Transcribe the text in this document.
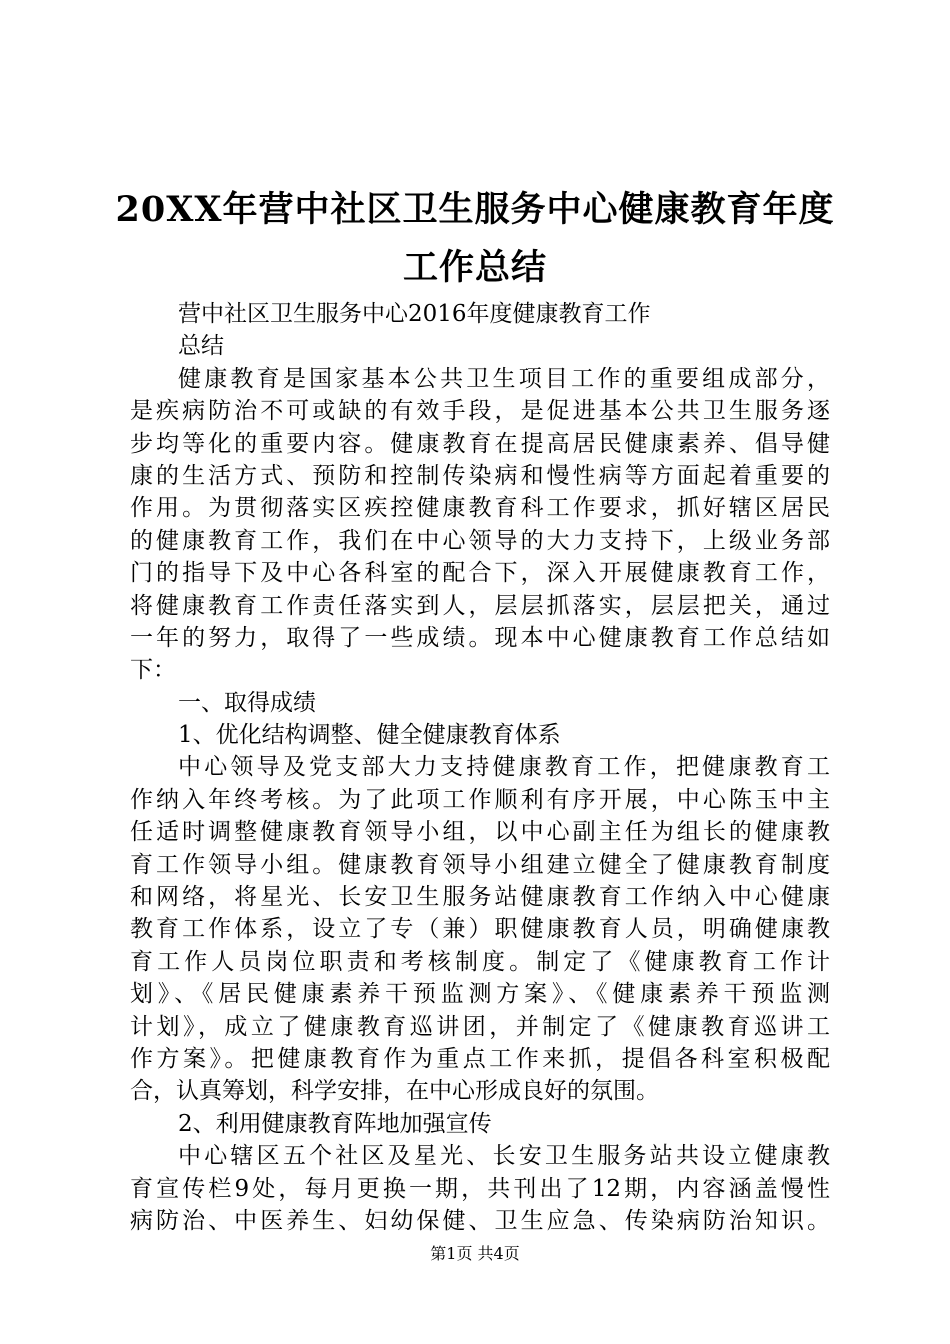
20XX年营中社区卫生服务中心健康教育年度
工作总结
营中社区卫生服务中心2016年度健康教育工作
总结
健康教育是国家基本公共卫生项目工作的重要组成部分，
是疾病防治不可或缺的有效手段，是促进基本公共卫生服务逐
步均等化的重要内容。健康教育在提高居民健康素养、倡导健
康的生活方式、预防和控制传染病和慢性病等方面起着重要的
作用。为贯彻落实区疾控健康教育科工作要求，抓好辖区居民
的健康教育工作，我们在中心领导的大力支持下，上级业务部
门的指导下及中心各科室的配合下，深入开展健康教育工作，
将健康教育工作责任落实到人，层层抓落实，层层把关，通过
一年的努力，取得了一些成绩。现本中心健康教育工作总结如
下：
一、取得成绩
1、优化结构调整、健全健康教育体系
中心领导及党支部大力支持健康教育工作，把健康教育工
作纳入年终考核。为了此项工作顺利有序开展，中心陈玉中主
任适时调整健康教育领导小组，以中心副主任为组长的健康教
育工作领导小组。健康教育领导小组建立健全了健康教育制度
和网络，将星光、长安卫生服务站健康教育工作纳入中心健康
教育工作体系，设立了专（兼）职健康教育人员，明确健康教
育工作人员岗位职责和考核制度。制定了《健康教育工作计
划》、《居民健康素养干预监测方案》、《健康素养干预监测
计划》，成立了健康教育巡讲团，并制定了《健康教育巡讲工
作方案》。把健康教育作为重点工作来抓，提倡各科室积极配
合，认真筹划，科学安排，在中心形成良好的氛围。
2、利用健康教育阵地加强宣传
中心辖区五个社区及星光、长安卫生服务站共设立健康教
育宣传栏9处，每月更换一期，共刊出了12期，内容涵盖慢性
病防治、中医养生、妇幼保健、卫生应急、传染病防治知识。
第1页 共4页
